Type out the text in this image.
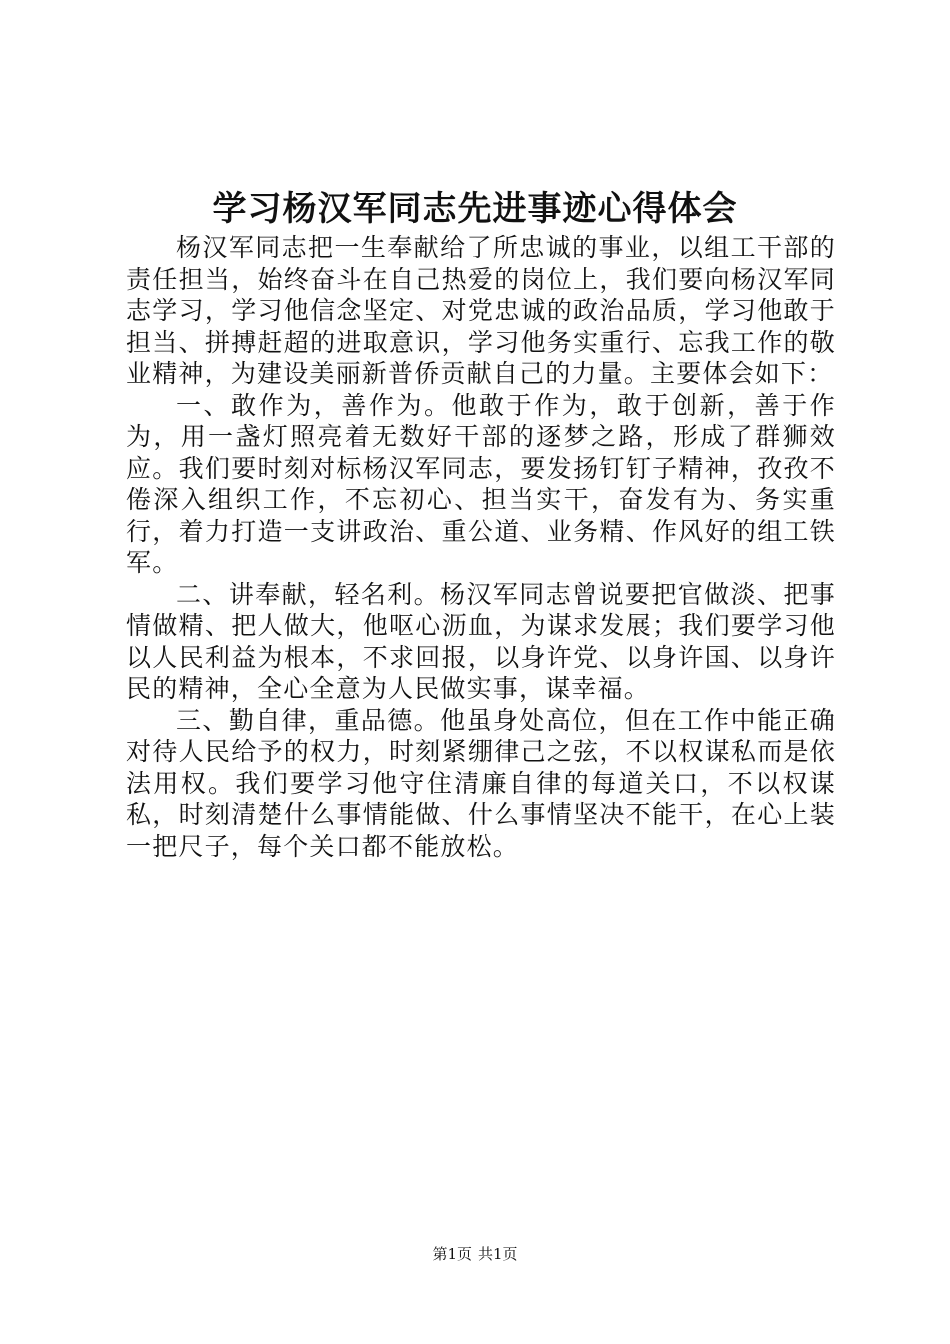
学习杨汉军同志先进事迹心得体会

杨汉军同志把一生奉献给了所忠诚的事业，以组工干部的责任担当，始终奋斗在自己热爱的岗位上，我们要向杨汉军同志学习，学习他信念坚定、对党忠诚的政治品质，学习他敢于担当、拼搏赶超的进取意识，学习他务实重行、忘我工作的敬业精神，为建设美丽新普侨贡献自己的力量。主要体会如下：

一、敢作为，善作为。他敢于作为，敢于创新，善于作为，用一盏灯照亮着无数好干部的逐梦之路，形成了群狮效应。我们要时刻对标杨汉军同志，要发扬钉钉子精神，孜孜不倦深入组织工作，不忘初心、担当实干，奋发有为、务实重行，着力打造一支讲政治、重公道、业务精、作风好的组工铁军。

二、讲奉献，轻名利。杨汉军同志曾说要把官做淡、把事情做精、把人做大，他呕心沥血，为谋求发展；我们要学习他以人民利益为根本，不求回报，以身许党、以身许国、以身许民的精神，全心全意为人民做实事，谋幸福。

三、勤自律，重品德。他虽身处高位，但在工作中能正确对待人民给予的权力，时刻紧绷律己之弦，不以权谋私而是依法用权。我们要学习他守住清廉自律的每道关口，不以权谋私，时刻清楚什么事情能做、什么事情坚决不能干，在心上装一把尺子，每个关口都不能放松。

第1页 共1页
